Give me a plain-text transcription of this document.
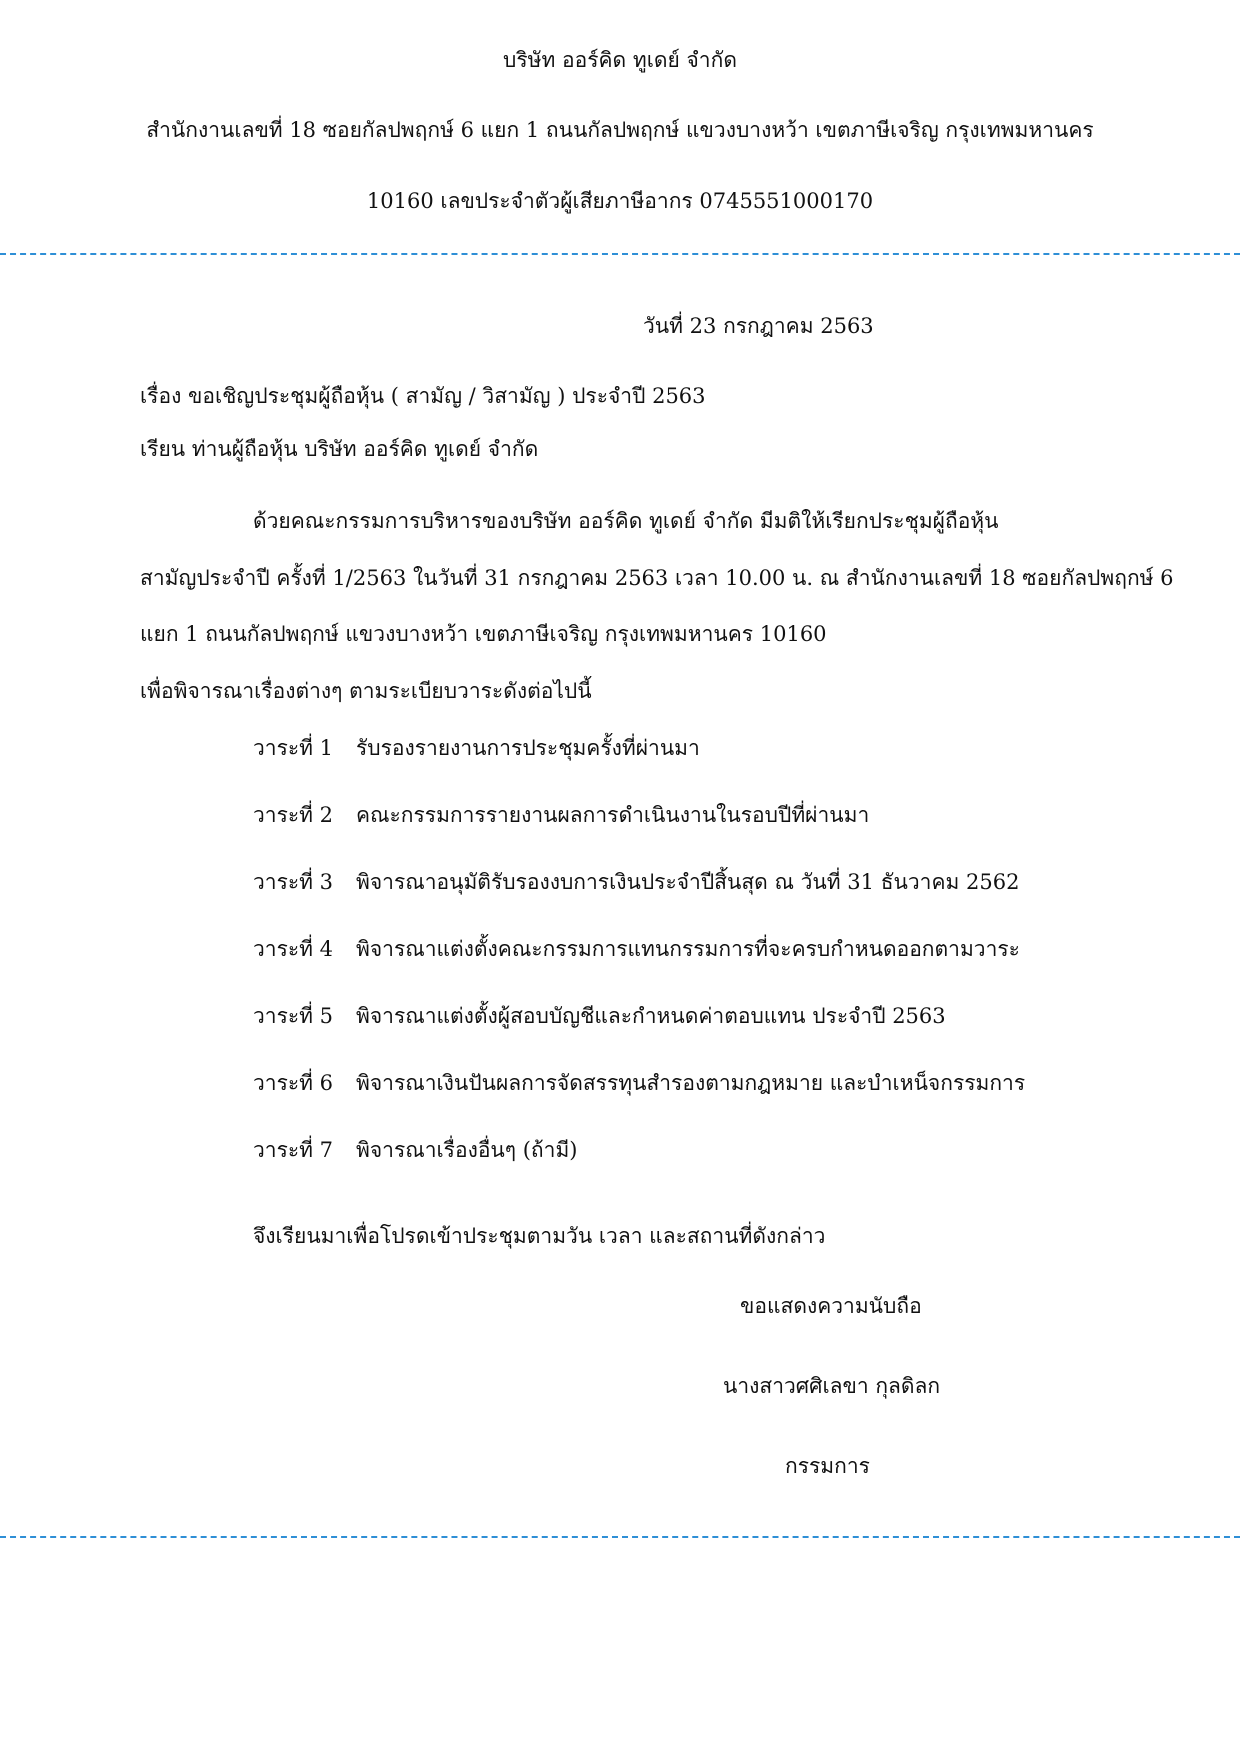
บริษัท ออร์คิด ทูเดย์ จำกัด
สำนักงานเลขที่ 18 ซอยกัลปพฤกษ์ 6 แยก 1 ถนนกัลปพฤกษ์ แขวงบางหว้า เขตภาษีเจริญ กรุงเทพมหานคร
10160 เลขประจำตัวผู้เสียภาษีอากร 0745551000170
วันที่ 23 กรกฎาคม 2563
เรื่อง ขอเชิญประชุมผู้ถือหุ้น ( สามัญ / วิสามัญ ) ประจำปี 2563
เรียน ท่านผู้ถือหุ้น บริษัท ออร์คิด ทูเดย์ จำกัด
ด้วยคณะกรรมการบริหารของบริษัท ออร์คิด ทูเดย์ จำกัด มีมติให้เรียกประชุมผู้ถือหุ้น
สามัญประจำปี ครั้งที่ 1/2563 ในวันที่ 31 กรกฎาคม 2563 เวลา 10.00 น. ณ สำนักงานเลขที่ 18 ซอยกัลปพฤกษ์ 6
แยก 1 ถนนกัลปพฤกษ์ แขวงบางหว้า เขตภาษีเจริญ กรุงเทพมหานคร 10160
เพื่อพิจารณาเรื่องต่างๆ ตามระเบียบวาระดังต่อไปนี้
วาระที่ 1 รับรองรายงานการประชุมครั้งที่ผ่านมา
วาระที่ 2 คณะกรรมการรายงานผลการดำเนินงานในรอบปีที่ผ่านมา
วาระที่ 3 พิจารณาอนุมัติรับรองงบการเงินประจำปีสิ้นสุด ณ วันที่ 31 ธันวาคม 2562
วาระที่ 4 พิจารณาแต่งตั้งคณะกรรมการแทนกรรมการที่จะครบกำหนดออกตามวาระ
วาระที่ 5 พิจารณาแต่งตั้งผู้สอบบัญชีและกำหนดค่าตอบแทน ประจำปี 2563
วาระที่ 6 พิจารณาเงินปันผลการจัดสรรทุนสำรองตามกฎหมาย และบำเหน็จกรรมการ
วาระที่ 7 พิจารณาเรื่องอื่นๆ (ถ้ามี)
จึงเรียนมาเพื่อโปรดเข้าประชุมตามวัน เวลา และสถานที่ดังกล่าว
ขอแสดงความนับถือ
นางสาวศศิเลขา กุลดิลก
กรรมการ
